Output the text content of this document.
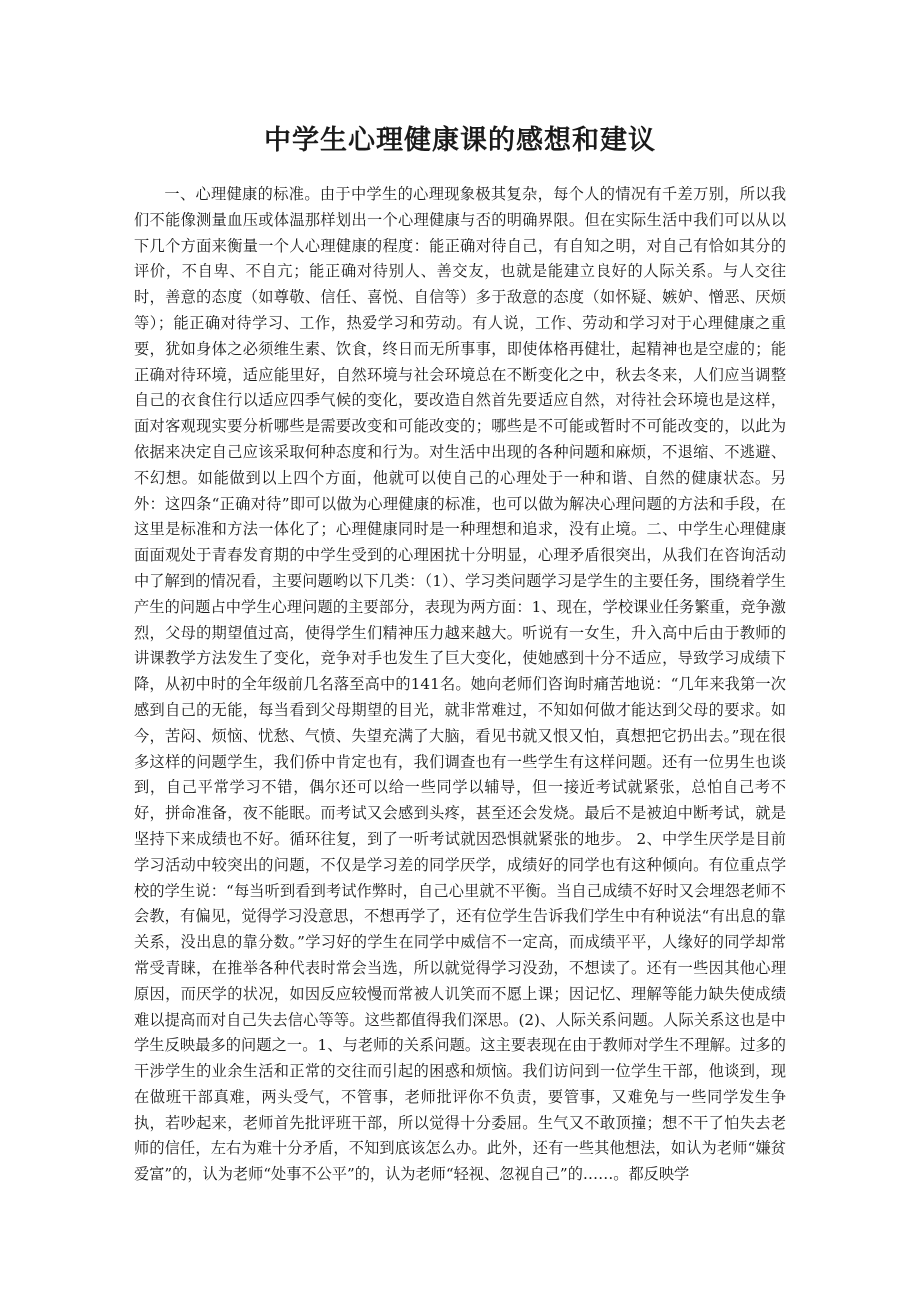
中学生心理健康课的感想和建议

一、心理健康的标准。由于中学生的心理现象极其复杂，每个人的情况有千差万别，所以我们不能像测量血压或体温那样划出一个心理健康与否的明确界限。但在实际生活中我们可以从以下几个方面来衡量一个人心理健康的程度：能正确对待自己，有自知之明，对自己有恰如其分的评价，不自卑、不自亢；能正确对待别人、善交友，也就是能建立良好的人际关系。与人交往时，善意的态度（如尊敬、信任、喜悦、自信等）多于敌意的态度（如怀疑、嫉妒、憎恶、厌烦等）；能正确对待学习、工作，热爱学习和劳动。有人说，工作、劳动和学习对于心理健康之重要，犹如身体之必须维生素、饮食，终日而无所事事，即使体格再健壮，起精神也是空虚的；能正确对待环境，适应能里好，自然环境与社会环境总在不断变化之中，秋去冬来，人们应当调整自己的衣食住行以适应四季气候的变化，要改造自然首先要适应自然，对待社会环境也是这样，面对客观现实要分析哪些是需要改变和可能改变的；哪些是不可能或暂时不可能改变的，以此为依据来决定自己应该采取何种态度和行为。对生活中出现的各种问题和麻烦，不退缩、不逃避、不幻想。如能做到以上四个方面，他就可以使自己的心理处于一种和谐、自然的健康状态。另外：这四条“正确对待”即可以做为心理健康的标准，也可以做为解决心理问题的方法和手段，在这里是标准和方法一体化了；心理健康同时是一种理想和追求，没有止境。二、中学生心理健康面面观处于青春发育期的中学生受到的心理困扰十分明显，心理矛盾很突出，从我们在咨询活动中了解到的情况看，主要问题哟以下几类：（1）、学习类问题学习是学生的主要任务，围绕着学生产生的问题占中学生心理问题的主要部分，表现为两方面：1、现在，学校课业任务繁重，竞争激烈，父母的期望值过高，使得学生们精神压力越来越大。听说有一女生，升入高中后由于教师的讲课教学方法发生了变化，竞争对手也发生了巨大变化，使她感到十分不适应，导致学习成绩下降，从初中时的全年级前几名落至高中的141名。她向老师们咨询时痛苦地说：“几年来我第一次感到自己的无能，每当看到父母期望的目光，就非常难过，不知如何做才能达到父母的要求。如今，苦闷、烦恼、忧愁、气愤、失望充满了大脑，看见书就又恨又怕，真想把它扔出去。”现在很多这样的问题学生，我们侨中肯定也有，我们调查也有一些学生有这样问题。还有一位男生也谈到，自己平常学习不错，偶尔还可以给一些同学以辅导，但一接近考试就紧张，总怕自己考不好，拼命准备，夜不能眠。而考试又会感到头疼，甚至还会发烧。最后不是被迫中断考试，就是坚持下来成绩也不好。循环往复，到了一听考试就因恐惧就紧张的地步。 2、中学生厌学是目前学习活动中较突出的问题，不仅是学习差的同学厌学，成绩好的同学也有这种倾向。有位重点学校的学生说：“每当听到看到考试作弊时，自己心里就不平衡。当自己成绩不好时又会埋怨老师不会教，有偏见，觉得学习没意思，不想再学了，还有位学生告诉我们学生中有种说法“有出息的靠关系，没出息的靠分数。”学习好的学生在同学中威信不一定高，而成绩平平，人缘好的同学却常常受青睐，在推举各种代表时常会当选，所以就觉得学习没劲，不想读了。还有一些因其他心理原因，而厌学的状况，如因反应较慢而常被人讥笑而不愿上课；因记忆、理解等能力缺失使成绩难以提高而对自己失去信心等等。这些都值得我们深思。(2)、人际关系问题。人际关系这也是中学生反映最多的问题之一。1、与老师的关系问题。这主要表现在由于教师对学生不理解。过多的干涉学生的业余生活和正常的交往而引起的困惑和烦恼。我们访问到一位学生干部，他谈到，现在做班干部真难，两头受气，不管事，老师批评你不负责，要管事，又难免与一些同学发生争执，若吵起来，老师首先批评班干部，所以觉得十分委屈。生气又不敢顶撞；想不干了怕失去老师的信任，左右为难十分矛盾，不知到底该怎么办。此外，还有一些其他想法，如认为老师“嫌贫爱富”的，认为老师“处事不公平”的，认为老师“轻视、忽视自己”的……。都反映学
